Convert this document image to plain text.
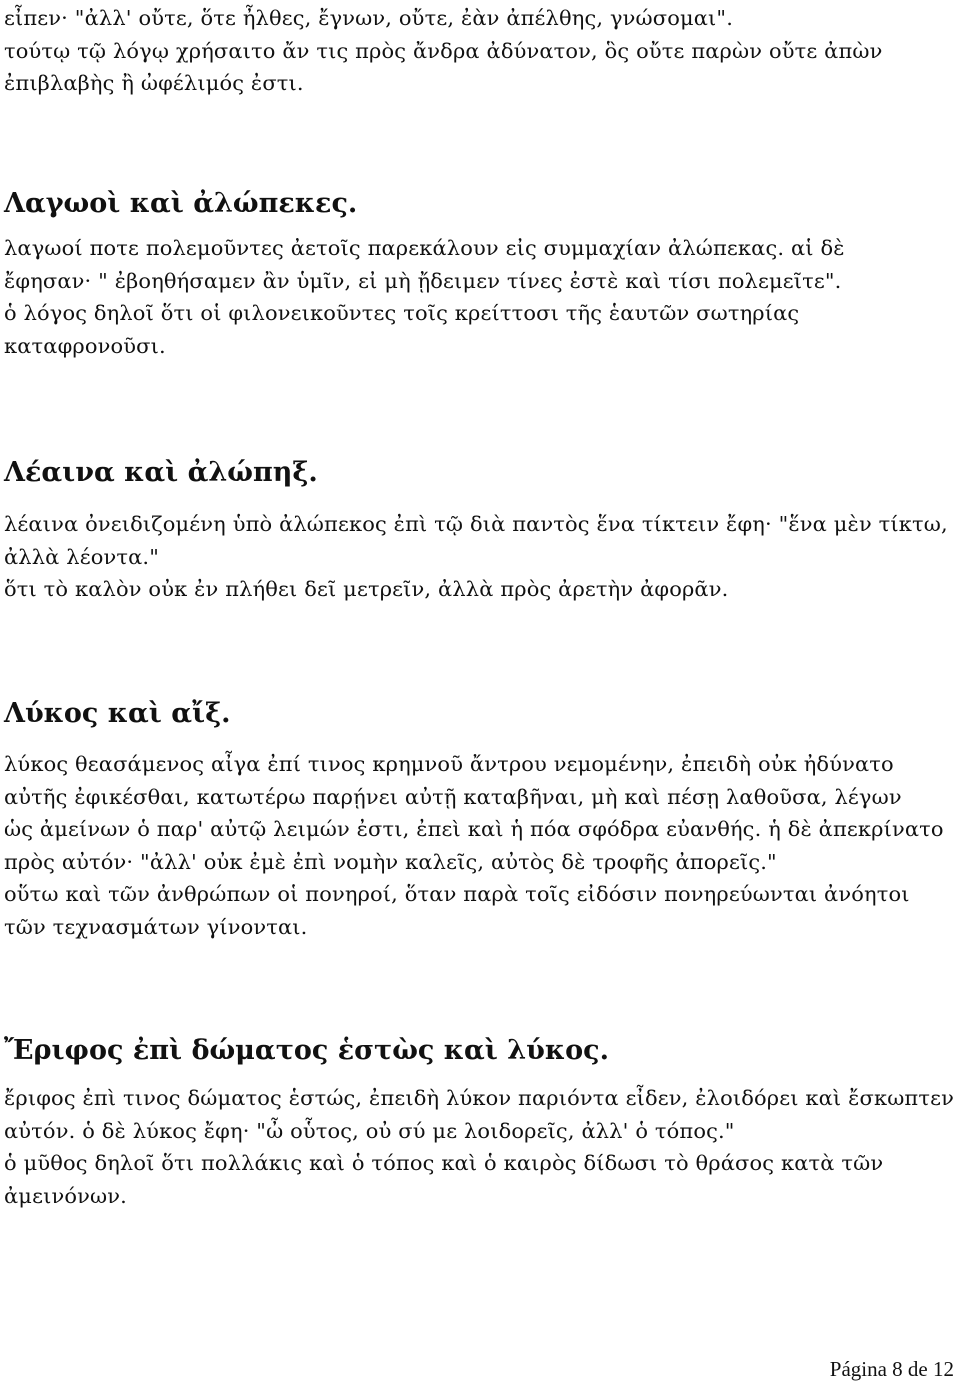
εἶπεν· "ἀλλ' οὔτε, ὅτε ἦλθες, ἔγνων, οὔτε, ἐὰν ἀπέλθης, γνώσομαι".
τούτῳ τῷ λόγῳ χρήσαιτο ἄν τις πρὸς ἄνδρα ἀδύνατον, ὃς οὔτε παρὼν οὔτε ἀπὼν
ἐπιβλαβὴς ἢ ὠφέλιμός ἐστι.
Λαγωοὶ καὶ ἀλώπεκες.
λαγωοί ποτε πολεμοῦντες ἀετοῖς παρεκάλουν εἰς συμμαχίαν ἀλώπεκας. αἱ δὲ
ἔφησαν· " ἐβοηθήσαμεν ἂν ὑμῖν, εἰ μὴ ᾔδειμεν τίνες ἐστὲ καὶ τίσι πολεμεῖτε".
ὁ λόγος δηλοῖ ὅτι οἱ φιλονεικοῦντες τοῖς κρείττοσι τῆς ἑαυτῶν σωτηρίας
καταφρονοῦσι.
Λέαινα καὶ ἀλώπηξ.
λέαινα ὀνειδιζομένη ὑπὸ ἀλώπεκος ἐπὶ τῷ διὰ παντὸς ἕνα τίκτειν ἔφη· "ἕνα μὲν τίκτω,
ἀλλὰ λέοντα."
ὅτι τὸ καλὸν οὐκ ἐν πλήθει δεῖ μετρεῖν, ἀλλὰ πρὸς ἀρετὴν ἀφορᾶν.
Λύκος καὶ αἴξ.
λύκος θεασάμενος αἶγα ἐπί τινος κρημνοῦ ἄντρου νεμομένην, ἐπειδὴ οὐκ ἠδύνατο
αὐτῆς ἐφικέσθαι, κατωτέρω παρῄνει αὐτῇ καταβῆναι, μὴ καὶ πέσῃ λαθοῦσα, λέγων
ὡς ἀμείνων ὁ παρ' αὐτῷ λειμών ἐστι, ἐπεὶ καὶ ἡ πόα σφόδρα εὐανθής. ἡ δὲ ἀπεκρίνατο
πρὸς αὐτόν· "ἀλλ' οὐκ ἐμὲ ἐπὶ νομὴν καλεῖς, αὐτὸς δὲ τροφῆς ἀπορεῖς."
οὕτω καὶ τῶν ἀνθρώπων οἱ πονηροί, ὅταν παρὰ τοῖς εἰδόσιν πονηρεύωνται ἀνόητοι
τῶν τεχνασμάτων γίνονται.
Ἔριφος ἐπὶ δώματος ἑστὼς καὶ λύκος.
ἔριφος ἐπὶ τινος δώματος ἑστώς, ἐπειδὴ λύκον παριόντα εἶδεν, ἐλοιδόρει καὶ ἔσκωπτεν
αὐτόν. ὁ δὲ λύκος ἔφη· "ὦ οὗτος, οὐ σύ με λοιδορεῖς, ἀλλ' ὁ τόπος."
ὁ μῦθος δηλοῖ ὅτι πολλάκις καὶ ὁ τόπος καὶ ὁ καιρὸς δίδωσι τὸ θράσος κατὰ τῶν
ἀμεινόνων.
Página 8 de 12
